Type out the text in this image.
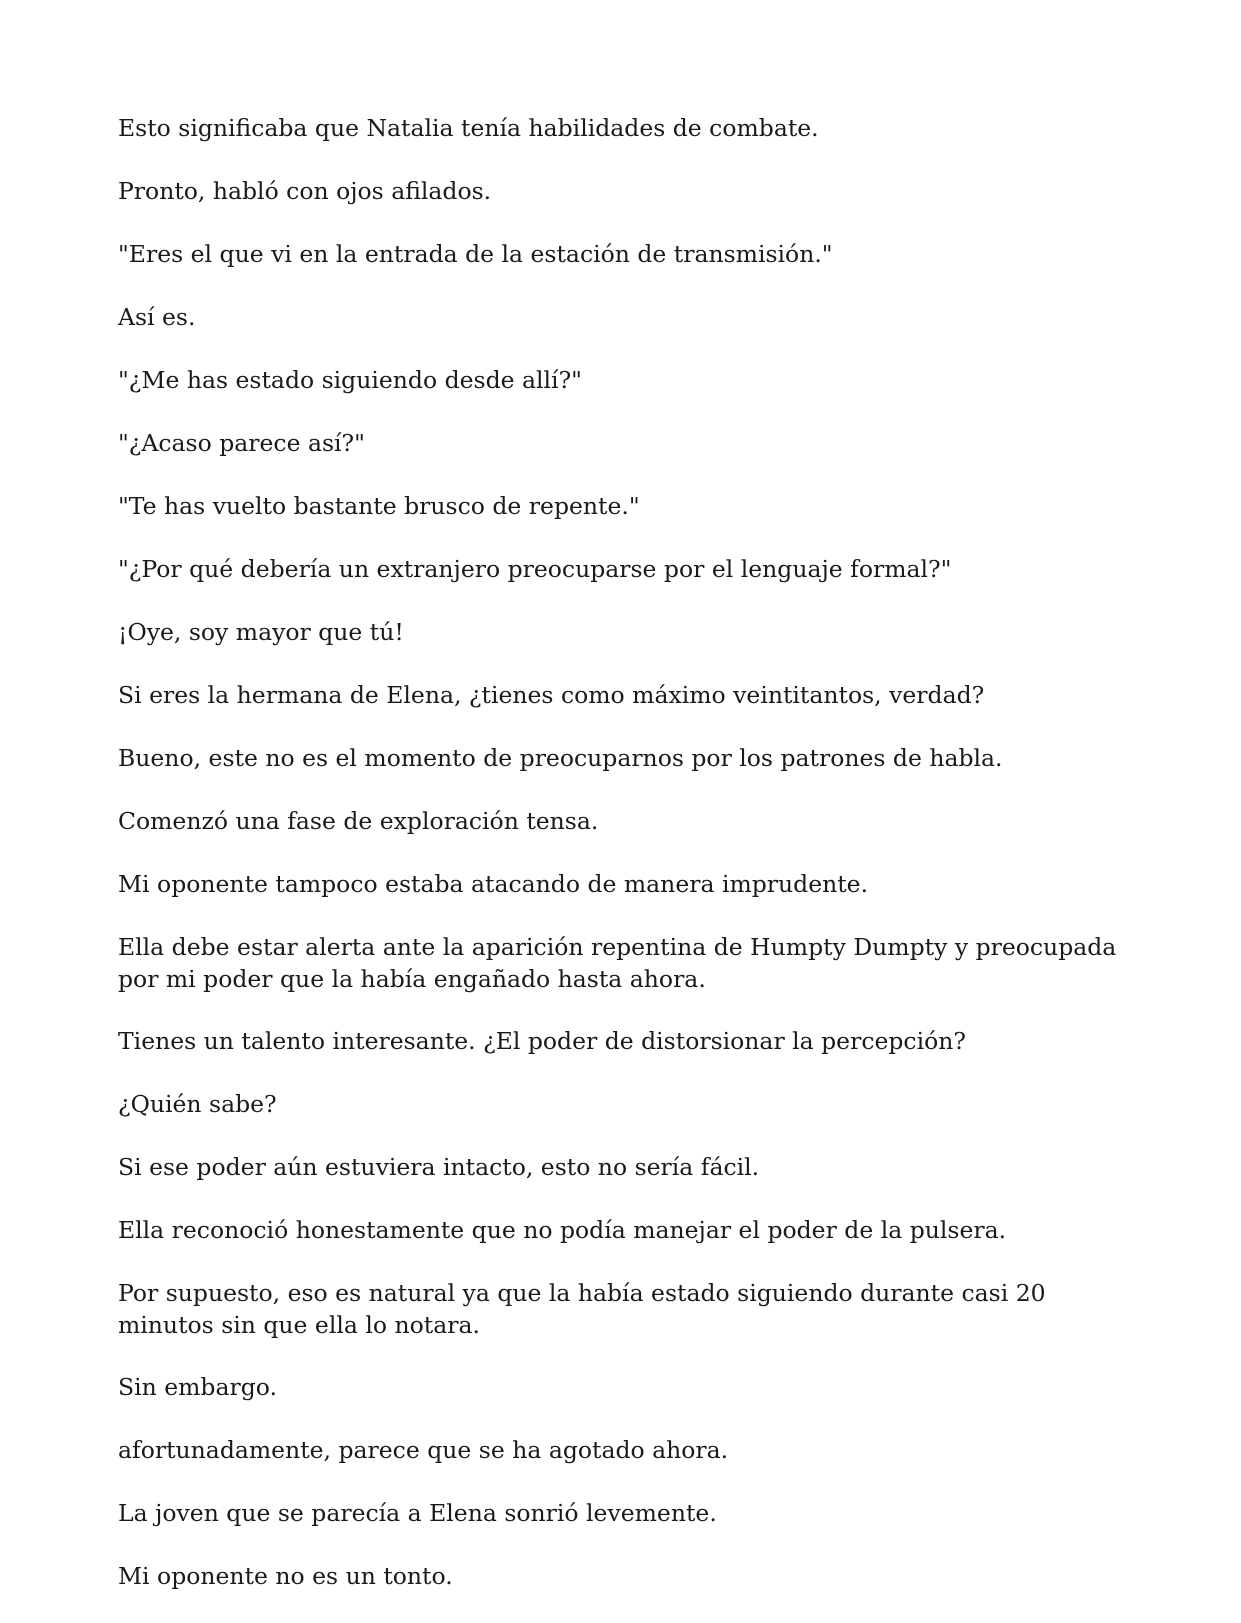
Esto significaba que Natalia tenía habilidades de combate.

Pronto, habló con ojos afilados.

"Eres el que vi en la entrada de la estación de transmisión."

Así es.

"¿Me has estado siguiendo desde allí?"

"¿Acaso parece así?"

"Te has vuelto bastante brusco de repente."

"¿Por qué debería un extranjero preocuparse por el lenguaje formal?"

¡Oye, soy mayor que tú!

Si eres la hermana de Elena, ¿tienes como máximo veintitantos, verdad?

Bueno, este no es el momento de preocuparnos por los patrones de habla.

Comenzó una fase de exploración tensa.

Mi oponente tampoco estaba atacando de manera imprudente.

Ella debe estar alerta ante la aparición repentina de Humpty Dumpty y preocupada por mi poder que la había engañado hasta ahora.

Tienes un talento interesante. ¿El poder de distorsionar la percepción?

¿Quién sabe?

Si ese poder aún estuviera intacto, esto no sería fácil.

Ella reconoció honestamente que no podía manejar el poder de la pulsera.

Por supuesto, eso es natural ya que la había estado siguiendo durante casi 20 minutos sin que ella lo notara.

Sin embargo.

afortunadamente, parece que se ha agotado ahora.

La joven que se parecía a Elena sonrió levemente.

Mi oponente no es un tonto.
